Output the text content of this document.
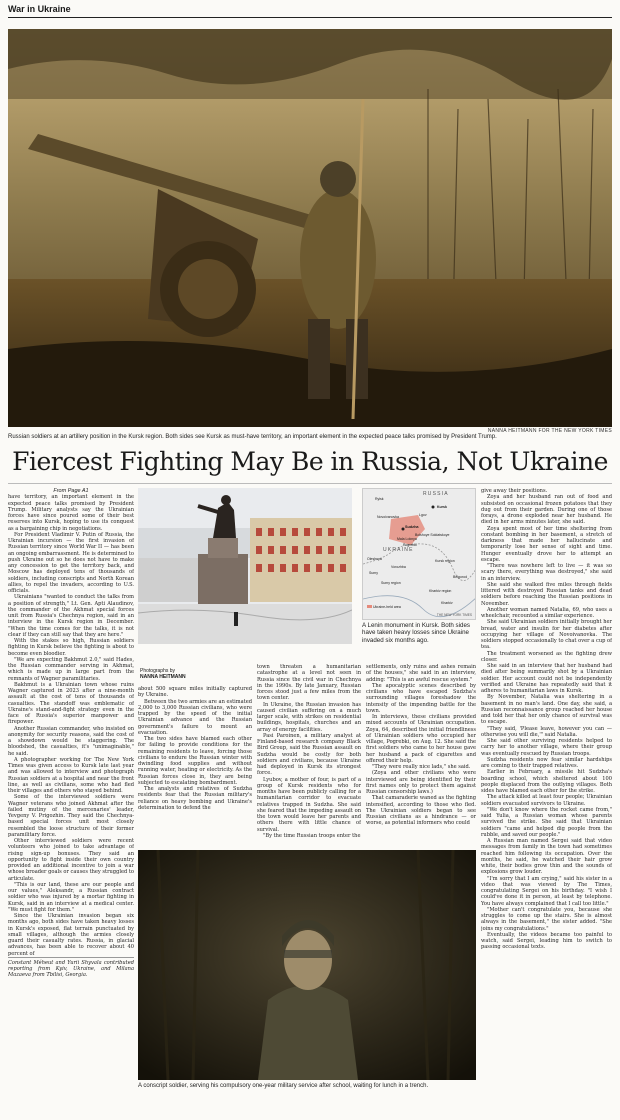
War in Ukraine
NANNA HEITMANN FOR THE NEW YORK TIMES
Russian soldiers at an artillery position in the Kursk region. Both sides see Kursk as must-have territory, an important element in the expected peace talks promised by President Trump.
Fiercest Fighting May Be in Russia, Not Ukraine

From Page A1

have territory, an important element in the expected peace talks promised by President Trump. Military analysts say the Ukrainian forces have since poured some of their best reserves into Kursk, hoping to use its conquest as a bargaining chip in negotiations.

For President Vladimir V. Putin of Russia, the Ukrainian incursion — the first invasion of Russian territory since World War II — has been an ongoing embarrassment. He is determined to push Ukraine out so he does not have to make any concession to get the territory back, and Moscow has deployed tens of thousands of soldiers, including conscripts and North Korean allies, to repel the invaders, according to U.S. officials.

Ukrainians "wanted to conduct the talks from a position of strength," Lt. Gen. Apti Alaudinov, the commander of the Akhmat special forces unit from Russia's Chechnya region, said in an interview in the Kursk region in December. "When the time comes for the talks, it is not clear if they can still say that they are here."

With the stakes so high, Russian soldiers fighting in Kursk believe the fighting is about to become even bloodier.

"We are expecting Bakhmut 2.0," said Hades, the Russian commander serving in Akhmat, which is made up in large part from the remnants of Wagner paramilitaries.

Bakhmut is a Ukrainian town whose ruins Wagner captured in 2023 after a nine-month assault at the cost of tens of thousands of casualties. The standoff was emblematic of Ukraine's stand-and-fight strategy even in the face of Russia's superior manpower and firepower.

Another Russian commander, who insisted on anonymity for security reasons, said the cost of a showdown would be staggering. The bloodshed, the casualties, it's "unimaginable," he said.

A photographer working for The New York Times was given access to Kursk late last year and was allowed to interview and photograph Russian soldiers at a hospital and near the front line, as well as civilians, some who had fled their villages and others who stayed behind.

Some of the interviewed soldiers were Wagner veterans who joined Akhmat after the failed mutiny of the mercenaries' leader, Yevgeny V. Prigozhin. They said the Chechnya-based special forces unit most closely resembled the loose structure of their former paramilitary force.

Other interviewed soldiers were recent volunteers who joined to take advantage of rising sign-up bonuses. They said an opportunity to fight inside their own country provided an additional incentive to join a war whose broader goals or causes they struggled to articulate.

"This is our land, these are our people and our values," Aleksandr, a Russian contract soldier who was injured by a mortar fighting in Kursk, said in an interview at a medical center. "We must fight for them."

Since the Ukrainian invasion began six months ago, both sides have taken heavy losses in Kursk's exposed, flat terrain punctuated by small villages, although the armies closely guard their casualty rates. Russia, in glacial advances, has been able to recover about 40 percent of

Constant Méheut and Yurii Shyvala contributed reporting from Kyiv, Ukraine, and Milana Mazaeva from Tbilisi, Georgia.

RUSSIA
UKRAINE
Rylsk
Kursk
Lgov
Novoivanovka
Sudzha
Bolshoye Soldatskoye
Mala Loknya
Pogrebki
Kursk region
Sumy region
Kharkiv region
Oleshnya
Sumy
Vorozhba
Kharkiv
Belgorod
Ukraine-held area
THE NEW YORK TIMES
A Lenin monument in Kursk. Both sides have taken heavy losses since Ukraine invaded six months ago.
Photographs by
NANNA HEITMANN

about 500 square miles initially captured by Ukraine.

Between the two armies are an estimated 2,000 to 3,000 Russian civilians, who were trapped by the speed of the initial Ukrainian advance and the Russian government's failure to mount an evacuation.

The two sides have blamed each other for failing to provide conditions for the remaining residents to leave, forcing those civilians to endure the Russian winter with dwindling food supplies and without running water, heating or electricity. As the Russian forces close in, they are being subjected to escalating bombardment.

The analysts and relatives of Sudzha residents fear that the Russian military's reliance on heavy bombing and Ukraine's determination to defend the

town threaten a humanitarian catastrophe at a level not seen in Russia since the civil war in Chechnya in the 1990s. By late January, Russian forces stood just a few miles from the town center.

In Ukraine, the Russian invasion has caused civilian suffering on a much larger scale, with strikes on residential buildings, hospitals, churches and an array of energy facilities.

Pasi Paroinen, a military analyst at Finland-based research company Black Bird Group, said the Russian assault on Sudzha would be costly for both soldiers and civilians, because Ukraine had deployed in Kursk its strongest force.

Lyubov, a mother of four, is part of a group of Kursk residents who for months have been publicly calling for a humanitarian corridor to evacuate relatives trapped in Sudzha. She said she feared that the impeding assault on the town would leave her parents and others there with little chance of survival.

"By the time Russian troops enter the

settlements, only ruins and ashes remain of the houses," she said in an interview, adding: "This is an awful rescue system."

The apocalyptic scenes described by civilians who have escaped Sudzha's surrounding villages foreshadow the intensity of the impending battle for the town.

In interviews, these civilians provided mixed accounts of Ukrainian occupation. Zoya, 64, described the initial friendliness of Ukrainian soldiers who occupied her village, Pogrebki, on Aug. 12. She said the first soldiers who came to her house gave her husband a pack of cigarettes and offered their help.

"They were really nice lads," she said.

(Zoya and other civilians who were interviewed are being identified by their first names only to protect them against Russian censorship laws.)

That camaraderie waned as the fighting intensified, according to those who fled. The Ukrainian soldiers began to see Russian civilians as a hindrance — or worse, as potential informers who could

give away their positions.

Zoya and her husband ran out of food and subsisted on occasional frozen potatoes that they dug out from their garden. During one of those forays, a drone exploded near her husband. He died in her arms minutes later, she said.

Zoya spent most of her time sheltering from constant bombing in her basement, a stretch of darkness that made her hallucinate and temporarily lose her sense of sight and time. Hunger eventually drove her to attempt an escape.

"There was nowhere left to live — it was so scary there, everything was destroyed," she said in an interview.

She said she walked five miles through fields littered with destroyed Russian tanks and dead soldiers before reaching the Russian positions in November.

Another woman named Natalia, 69, who uses a wheelchair, recounted a similar experience.

She said Ukrainian soldiers initially brought her bread, water and insulin for her diabetes after occupying her village of Novoivanovka. The soldiers stopped occasionally to chat over a cup of tea.

The treatment worsened as the fighting drew closer.

She said in an interview that her husband had died after being summarily shot by a Ukrainian soldier. Her account could not be independently verified and Ukraine has repeatedly said that it adheres to humanitarian laws in Kursk.

By November, Natalia was sheltering in a basement in no man's land. One day, she said, a Russian reconnaissance group reached her house and told her that her only chance of survival was to escape.

"They said, 'Please leave, however you can — otherwise you will die,'" said Natalia.

She said other surviving residents helped to carry her to another village, where their group was eventually rescued by Russian troops.

Sudzha residents now fear similar hardships are coming to their trapped relatives.

Earlier in February, a missile hit Sudzha's boarding school, which sheltered about 100 people displaced from the outlying villages. Both sides have blamed each other for the strike.

The attack killed at least four people; Ukrainian soldiers evacuated survivors to Ukraine.

"We don't know where the rocket came from," said Yulia, a Russian woman whose parents survived the strike. She said that Ukrainian soldiers "came and helped dig people from the rubble, and saved our people."

A Russian man named Sergei said that video messages from family in the town had sometimes reached him following its occupation. Over the months, he said, he watched their hair grow white, their bodies grow thin and the sounds of explosions grow louder.

"I'm sorry that I am crying," said his sister in a video that was viewed by The Times, congratulating Sergei on his birthday. "I wish I could've done it in person, at least by telephone. You have always complained that I call too little."

"Mother can't congratulate you, because she struggles to come up the stairs. She is almost always in the basement," the sister added. "She joins my congratulations."

Eventually, the videos became too painful to watch, said Sergei, leading him to switch to passing occasional texts.

A conscript soldier, serving his compulsory one-year military service after school, waiting for lunch in a trench.
